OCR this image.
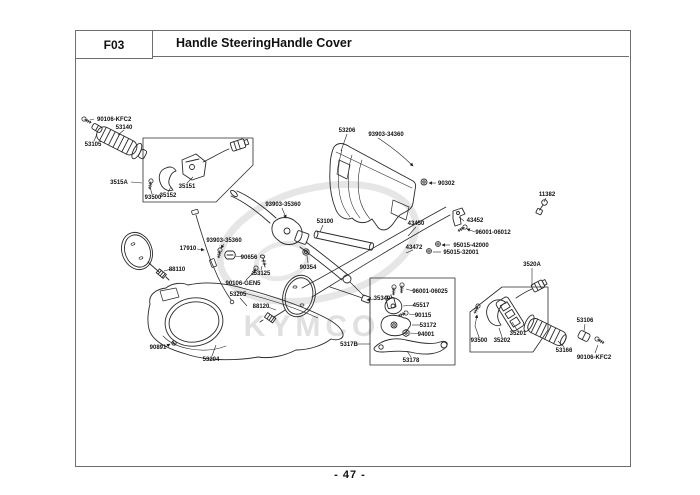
F03	Handle SteeringHandle Cover
- 47 -
KYMCO
90106-KFC2
53140
53105
3515A
93500
35152
35151
53206
93903-34360
90302
11382
93903-35360
53100
93903-35360
17910
88110
90656
53125
90106-GEN5
53205
88120
90354
43450	43452
96001-06012
95015-42000
95015-32001
43472
3520A
93500 35202
35201
53106
53166
90106-KFC2
96001-06025
35340
45517
90115
53172
94001
53178
5317B
53204
90891
